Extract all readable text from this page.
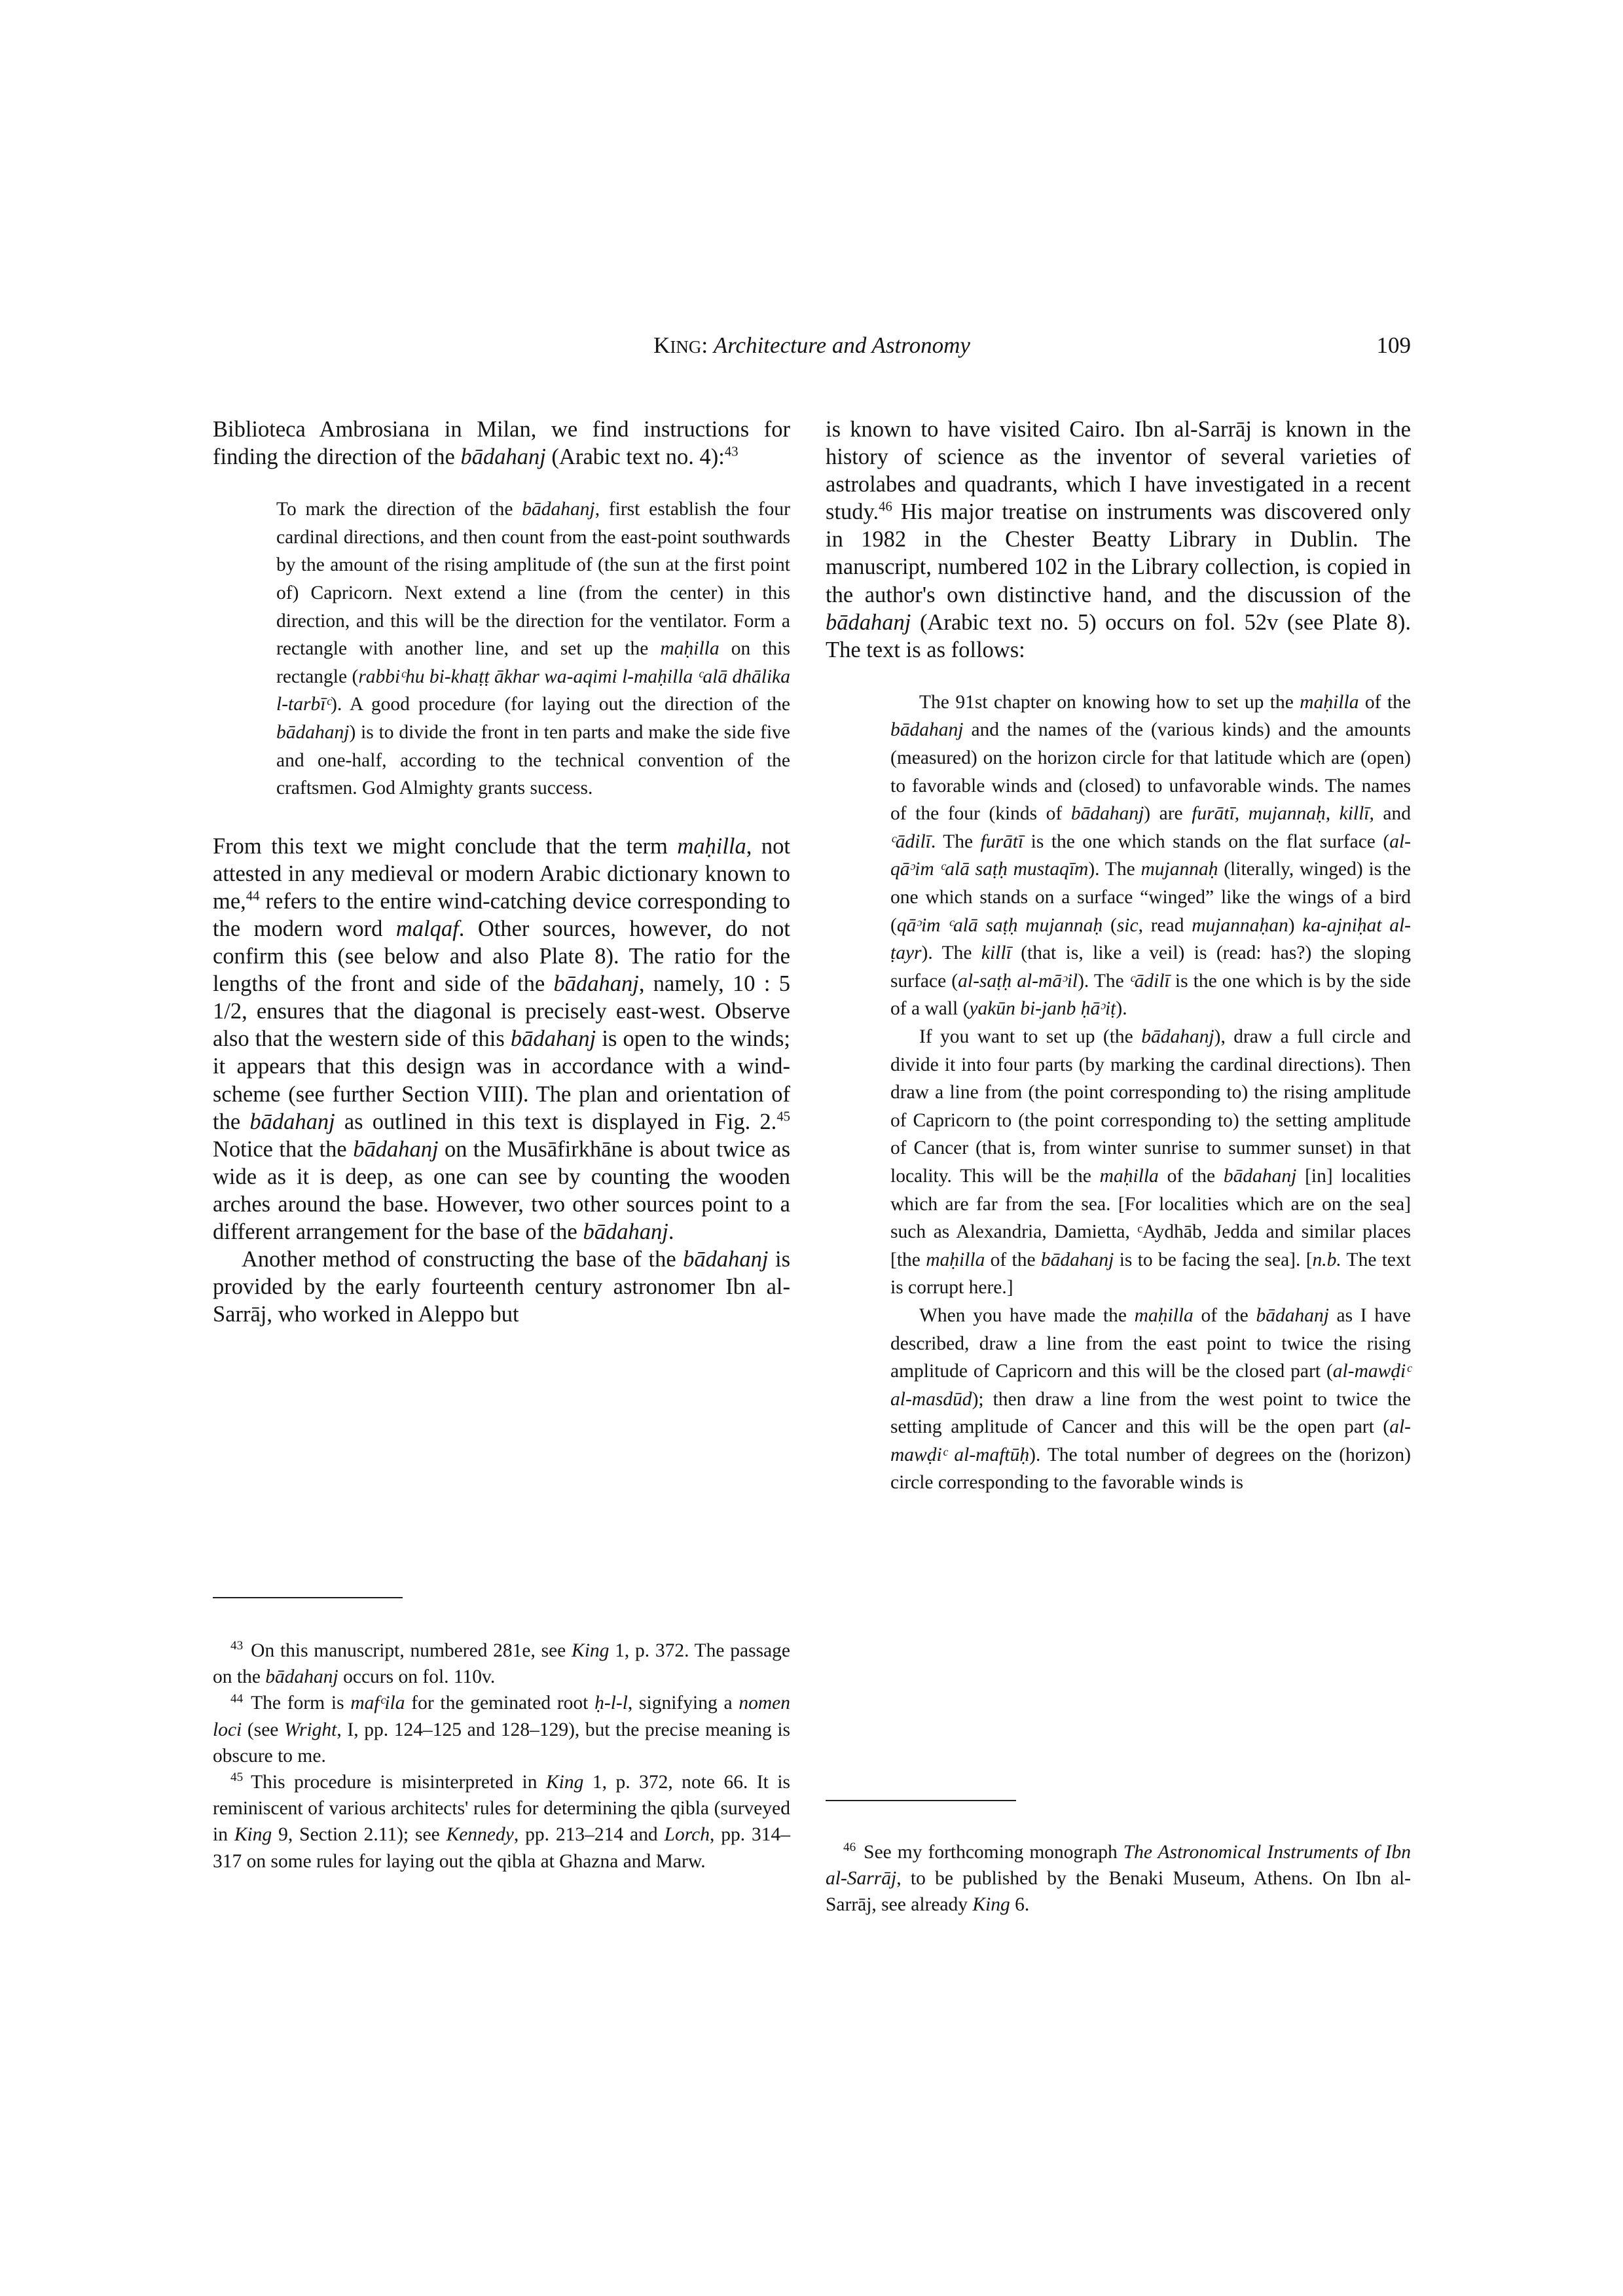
KING: Architecture and Astronomy	109

Biblioteca Ambrosiana in Milan, we find instructions for finding the direction of the bādahanj (Arabic text no. 4):$^{43}$

To mark the direction of the bādahanj, first establish the four cardinal directions, and then count from the east-point southwards by the amount of the rising amplitude of (the sun at the first point of) Capricorn. Next extend a line (from the center) in this direction, and this will be the direction for the ventilator. Form a rectangle with another line, and set up the maḥilla on this rectangle (rabbiᶜhu bi-khaṭṭ ākhar wa-aqimi l-maḥilla ᶜalā dhālika l-tarbīᶜ). A good procedure (for laying out the direction of the bādahanj) is to divide the front in ten parts and make the side five and one-half, according to the technical convention of the craftsmen. God Almighty grants success.

From this text we might conclude that the term maḥilla, not attested in any medieval or modern Arabic dictionary known to me,$^{44}$ refers to the entire wind-catching device corresponding to the modern word malqaf. Other sources, however, do not confirm this (see below and also Plate 8). The ratio for the lengths of the front and side of the bādahanj, namely, 10 : 5 1/2, ensures that the diagonal is precisely east-west. Observe also that the western side of this bādahanj is open to the winds; it appears that this design was in accordance with a wind-scheme (see further Section VIII). The plan and orientation of the bādahanj as outlined in this text is displayed in Fig. 2.45 Notice that the bādahanj on the Musāfirkhāne is about twice as wide as it is deep, as one can see by counting the wooden arches around the base. However, two other sources point to a different arrangement for the base of the bādahanj.

Another method of constructing the base of the bādahanj is provided by the early fourteenth century astronomer Ibn al-Sarrāj, who worked in Aleppo but

$^{43}$ On this manuscript, numbered 281e, see King 1, p. 372. The passage on the bādahanj occurs on fol. 110v.

$^{44}$ The form is mafᶜila for the geminated root ḥ-l-l, signifying a nomen loci (see Wright, I, pp. 124–125 and 128–129), but the precise meaning is obscure to me.

$^{45}$ This procedure is misinterpreted in King 1, p. 372, note 66. It is reminiscent of various architects' rules for determining the qibla (surveyed in King 9, Section 2.11); see Kennedy, pp. 213–214 and Lorch, pp. 314–317 on some rules for laying out the qibla at Ghazna and Marw.

is known to have visited Cairo. Ibn al-Sarrāj is known in the history of science as the inventor of several varieties of astrolabes and quadrants, which I have investigated in a recent study.$^{46}$ His major treatise on instruments was discovered only in 1982 in the Chester Beatty Library in Dublin. The manuscript, numbered 102 in the Library collection, is copied in the author's own distinctive hand, and the discussion of the bādahanj (Arabic text no. 5) occurs on fol. 52v (see Plate 8). The text is as follows:

The 91st chapter on knowing how to set up the maḥilla of the bādahanj and the names of the (various kinds) and the amounts (measured) on the horizon circle for that latitude which are (open) to favorable winds and (closed) to unfavorable winds. The names of the four (kinds of bādahanj) are furātī, mujannaḥ, killī, and ᶜādilī. The furātī is the one which stands on the flat surface (al-qāᵓim ᶜalā saṭḥ mustaqīm). The mujannaḥ (literally, winged) is the one which stands on a surface “winged” like the wings of a bird (qāᵓim ᶜalā saṭḥ mujannaḥ (sic, read mujannaḥan) ka-ajniḥat al-ṭayr). The killī (that is, like a veil) is (read: has?) the sloping surface (al-saṭḥ al-māᵓil). The ᶜādilī is the one which is by the side of a wall (yakūn bi-janb ḥāᵓiṭ).

If you want to set up (the bādahanj), draw a full circle and divide it into four parts (by marking the cardinal directions). Then draw a line from (the point corresponding to) the rising amplitude of Capricorn to (the point corresponding to) the setting amplitude of Cancer (that is, from winter sunrise to summer sunset) in that locality. This will be the maḥilla of the bādahanj [in] localities which are far from the sea. [For localities which are on the sea] such as Alexandria, Damietta, ᶜAydhāb, Jedda and similar places [the maḥilla of the bādahanj is to be facing the sea]. [n.b. The text is corrupt here.]

When you have made the maḥilla of the bādahanj as I have described, draw a line from the east point to twice the rising amplitude of Capricorn and this will be the closed part (al-mawḍiᶜ al-masdūd); then draw a line from the west point to twice the setting amplitude of Cancer and this will be the open part (al-mawḍiᶜ al-maftūḥ). The total number of degrees on the (horizon) circle corresponding to the favorable winds is

$^{46}$ See my forthcoming monograph The Astronomical Instruments of Ibn al-Sarrāj, to be published by the Benaki Museum, Athens. On Ibn al-Sarrāj, see already King 6.
